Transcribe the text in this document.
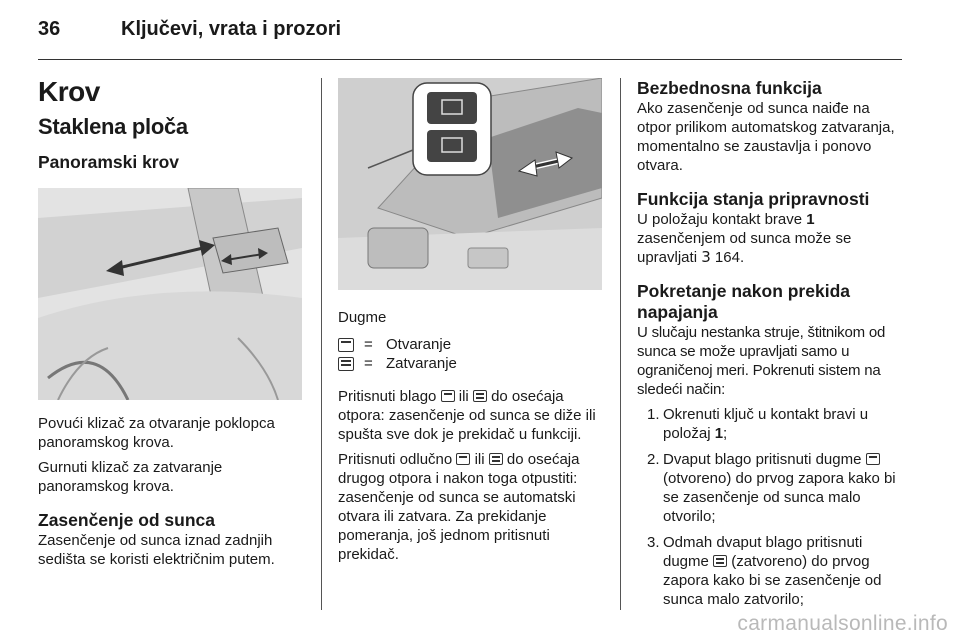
36	Ključevi, vrata i prozori
Krov
Staklena ploča
Panoramski krov

Povući klizač za otvaranje poklopca panoramskog krova.

Gurnuti klizač za zatvaranje panoramskog krova.

Zasenčenje od sunca

Zasenčenje od sunca iznad zadnjih sedišta se koristi električnim putem.

Dugme

= Otvaranje
= Zatvaranje

Pritisnuti blago
ili
do osećaja otpora: zasenčenje od sunca se diže ili spušta sve dok je prekidač u funkciji.

Pritisnuti odlučno
ili
do osećaja drugog otpora i nakon toga otpustiti: zasenčenje od sunca se automatski otvara ili zatvara. Za prekidanje pomeranja, još jednom pritisnuti prekidač.

Bezbednosna funkcija

Ako zasenčenje od sunca naiđe na otpor prilikom automatskog zatvaranja, momentalno se zaustavlja i ponovo otvara.

Funkcija stanja pripravnosti

U položaju kontakt brave 1 zasenčenjem od sunca može se upravljati 3 164.

Pokretanje nakon prekida napajanja

U slučaju nestanka struje, štitnikom od sunca se može upravljati samo u ograničenoj meri. Pokrenuti sistem na sledeći način:

1. Okrenuti ključ u kontakt bravi u položaj 1;
2. Dvaput blago pritisnuti dugme
(otvoreno) do prvog zapora kako bi se zasenčenje od sunca malo otvorilo;
3. Odmah dvaput blago pritisnuti dugme
(zatvoreno) do prvog zapora kako bi se zasenčenje od sunca malo zatvorilo;
carmanualsonline.info
